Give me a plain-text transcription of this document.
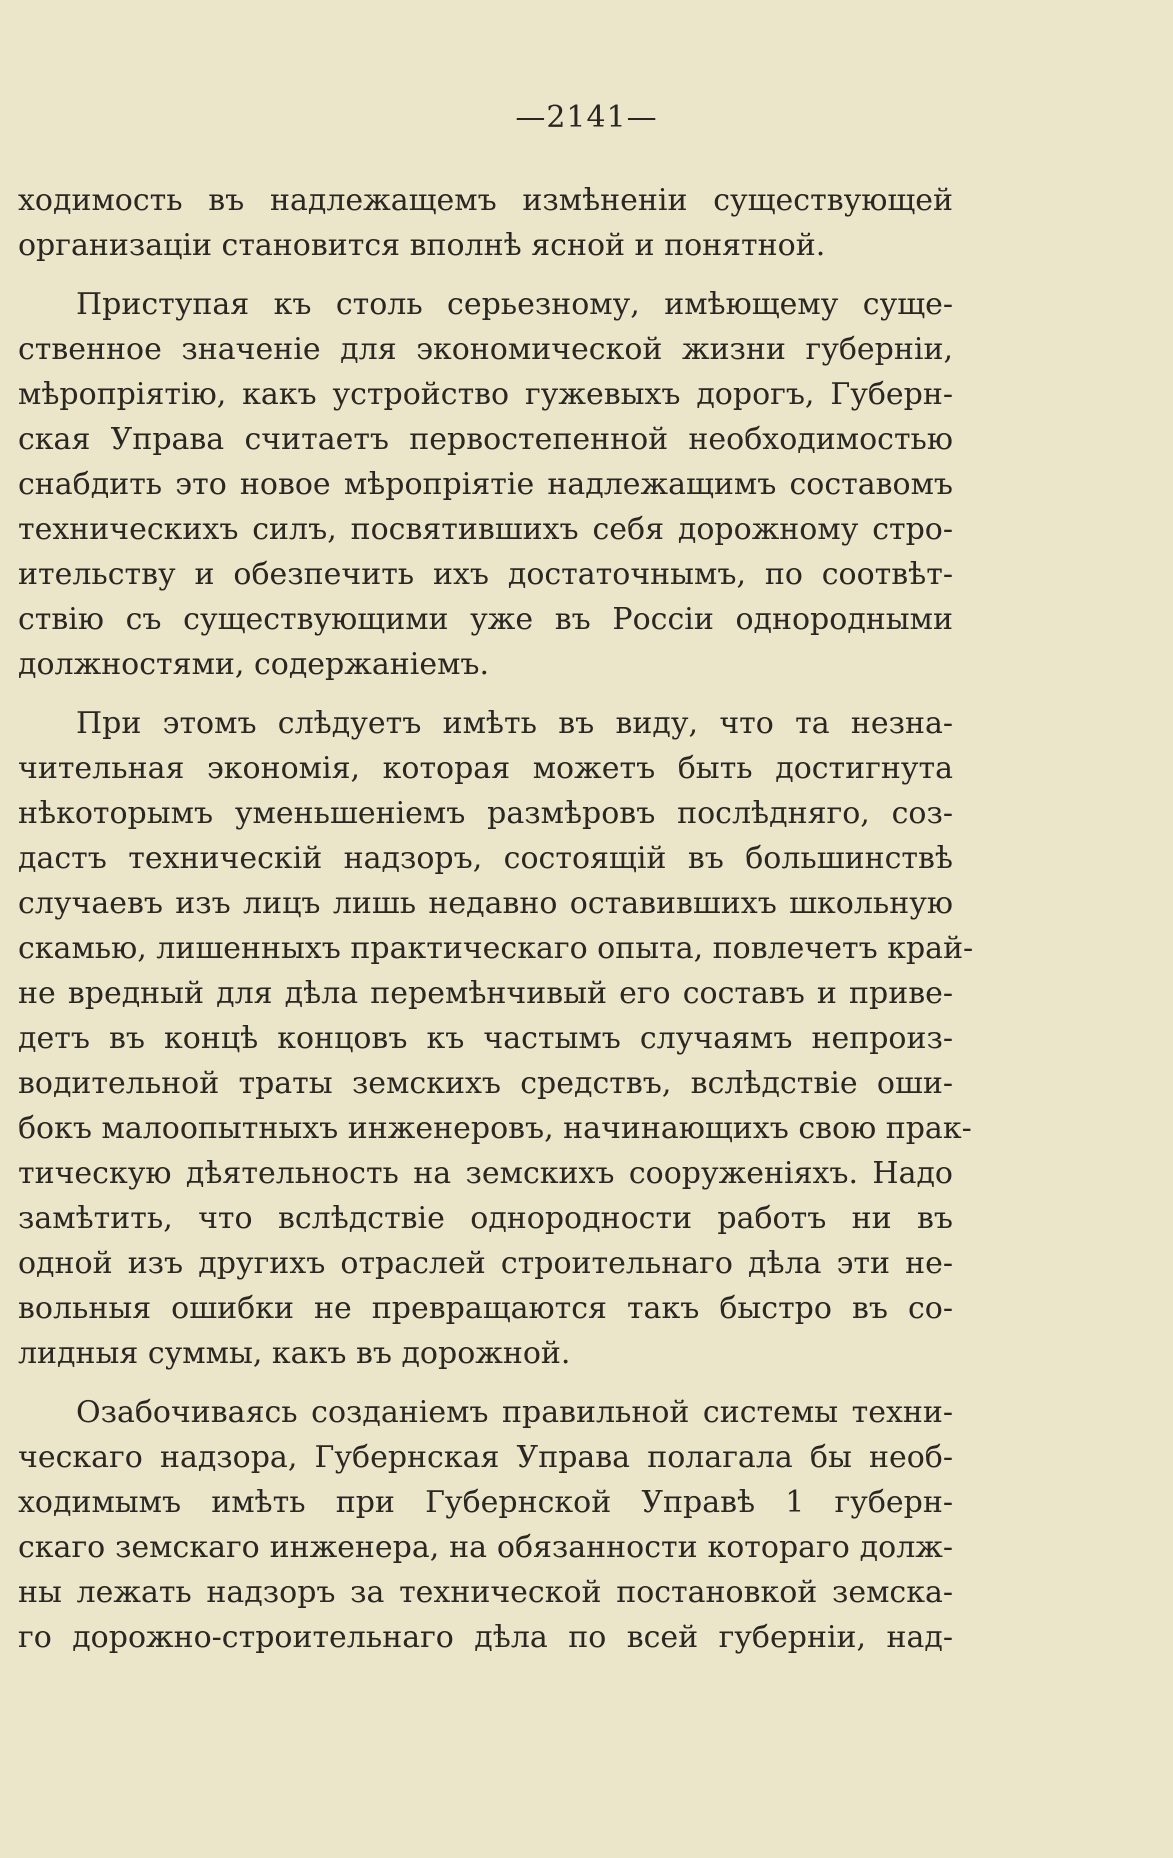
—2141—
ходимость въ надлежащемъ измѣненіи существующей
организаціи становится вполнѣ ясной и понятной.
Приступая къ столь серьезному, имѣющему суще-
ственное значеніе для экономической жизни губерніи,
мѣропріятію, какъ устройство гужевыхъ дорогъ, Губерн-
ская Управа считаетъ первостепенной необходимостью
снабдить это новое мѣропріятіе надлежащимъ составомъ
техническихъ силъ, посвятившихъ себя дорожному стро-
ительству и обезпечить ихъ достаточнымъ, по соотвѣт-
ствію съ существующими уже въ Россіи однородными
должностями, содержаніемъ.
При этомъ слѣдуетъ имѣть въ виду, что та незна-
чительная экономія, которая можетъ быть достигнута
нѣкоторымъ уменьшеніемъ размѣровъ послѣдняго, соз-
дастъ техническій надзоръ, состоящій въ большинствѣ
случаевъ изъ лицъ лишь недавно оставившихъ школьную
скамью, лишенныхъ практическаго опыта, повлечетъ край-
не вредный для дѣла перемѣнчивый его составъ и приве-
детъ въ концѣ концовъ къ частымъ случаямъ непроиз-
водительной траты земскихъ средствъ, вслѣдствіе оши-
бокъ малоопытныхъ инженеровъ, начинающихъ свою прак-
тическую дѣятельность на земскихъ сооруженіяхъ. Надо
замѣтить, что вслѣдствіе однородности работъ ни въ
одной изъ другихъ отраслей строительнаго дѣла эти не-
вольныя ошибки не превращаются такъ быстро въ со-
лидныя суммы, какъ въ дорожной.
Озабочиваясь созданіемъ правильной системы техни-
ческаго надзора, Губернская Управа полагала бы необ-
ходимымъ имѣть при Губернской Управѣ 1 губерн-
скаго земскаго инженера, на обязанности котораго долж-
ны лежать надзоръ за технической постановкой земска-
го дорожно-строительнаго дѣла по всей губерніи, над-
